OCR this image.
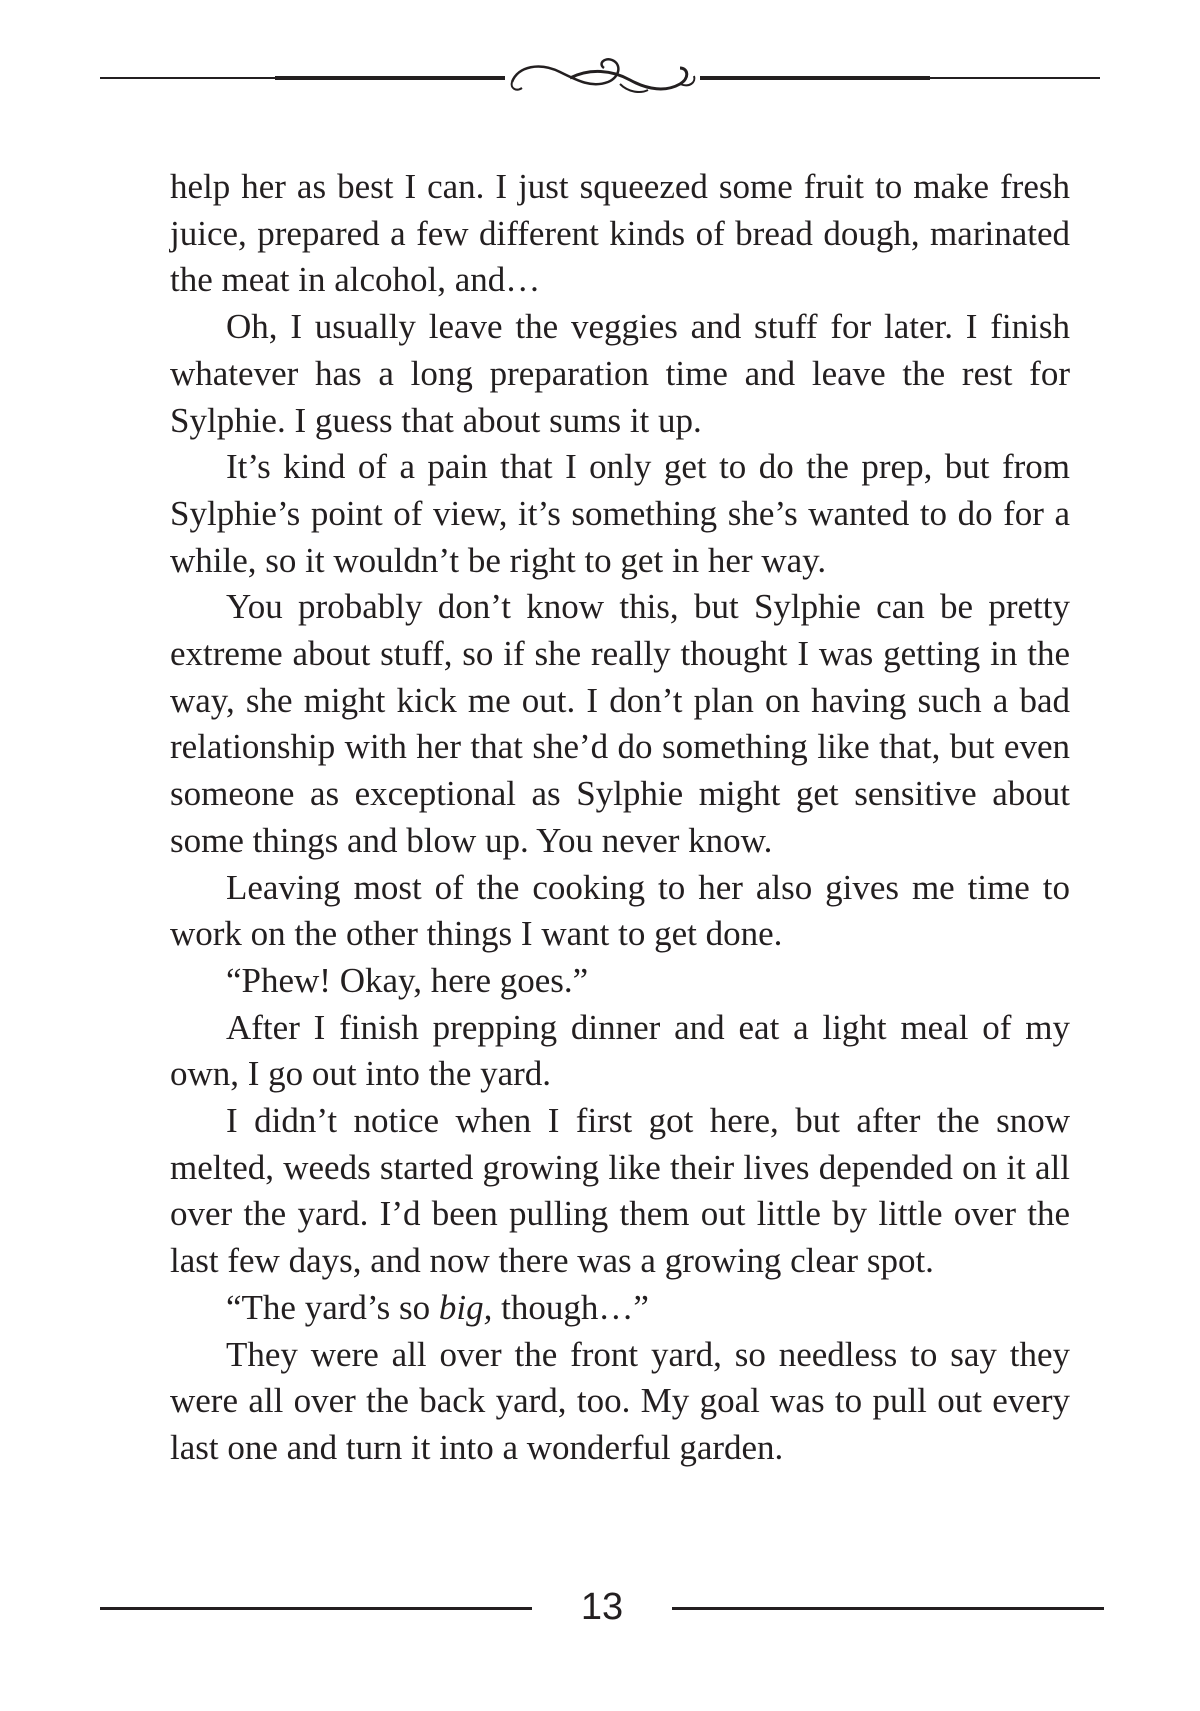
help her as best I can. I just squeezed some fruit to make fresh juice, prepared a few different kinds of bread dough, marinated the meat in alcohol, and…

Oh, I usually leave the veggies and stuff for later. I finish whatever has a long preparation time and leave the rest for Sylphie. I guess that about sums it up.

It’s kind of a pain that I only get to do the prep, but from Sylphie’s point of view, it’s something she’s wanted to do for a while, so it wouldn’t be right to get in her way.

You probably don’t know this, but Sylphie can be pretty extreme about stuff, so if she really thought I was getting in the way, she might kick me out. I don’t plan on having such a bad relationship with her that she’d do something like that, but even someone as exceptional as Sylphie might get sensitive about some things and blow up. You never know.

Leaving most of the cooking to her also gives me time to work on the other things I want to get done.

“Phew! Okay, here goes.”

After I finish prepping dinner and eat a light meal of my own, I go out into the yard.

I didn’t notice when I first got here, but after the snow melted, weeds started growing like their lives depended on it all over the yard. I’d been pulling them out little by little over the last few days, and now there was a growing clear spot.

“The yard’s so big, though…”

They were all over the front yard, so needless to say they were all over the back yard, too. My goal was to pull out every last one and turn it into a wonderful garden.

13
